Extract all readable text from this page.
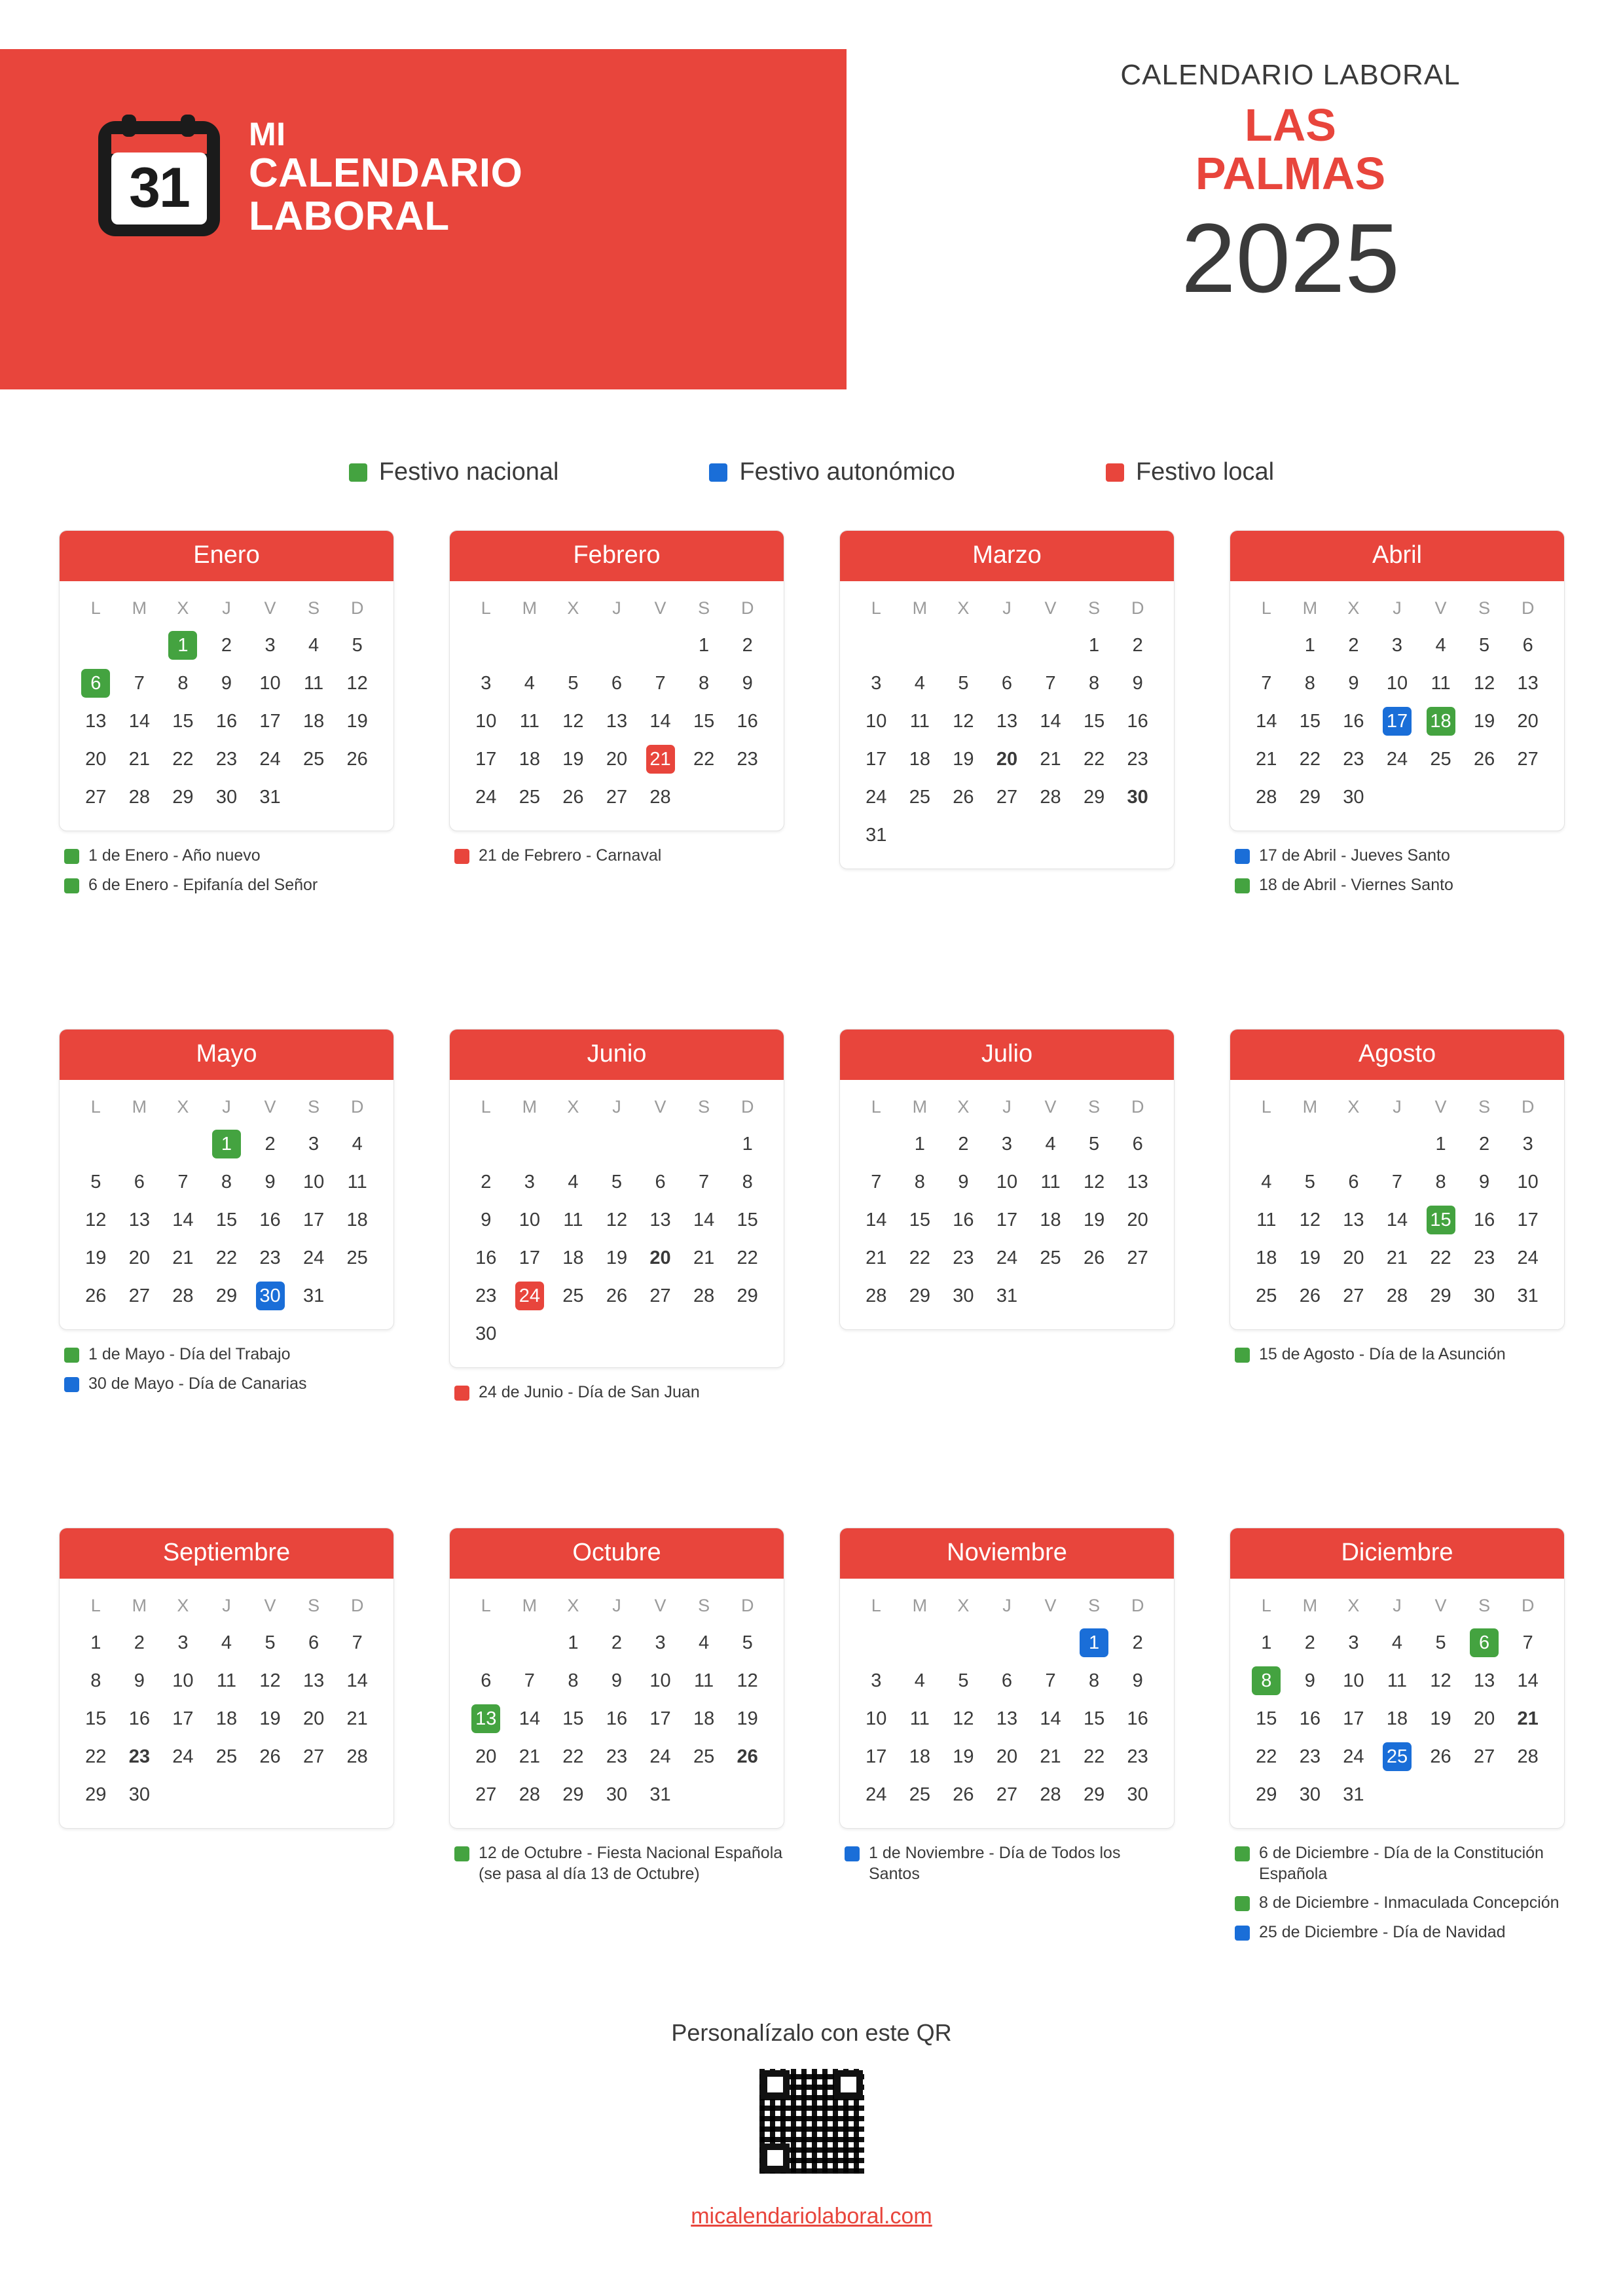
31
MI
CALENDARIO
LABORAL
CALENDARIO LABORAL
LAS
PALMAS
2025
Festivo nacional	Festivo autonómico	Festivo local
Enero
L	M	X	J	V	S	D
		1	2	3	4	5
6	7	8	9	10	11	12
13	14	15	16	17	18	19
20	21	22	23	24	25	26
27	28	29	30	31		
1 de Enero - Año nuevo
6 de Enero - Epifanía del Señor
Febrero
L	M	X	J	V	S	D
					1	2
3	4	5	6	7	8	9
10	11	12	13	14	15	16
17	18	19	20	21	22	23
24	25	26	27	28		
21 de Febrero - Carnaval
Marzo
L	M	X	J	V	S	D
					1	2
3	4	5	6	7	8	9
10	11	12	13	14	15	16
17	18	19	20	21	22	23
24	25	26	27	28	29	30
31						
Abril
L	M	X	J	V	S	D
	1	2	3	4	5	6
7	8	9	10	11	12	13
14	15	16	17	18	19	20
21	22	23	24	25	26	27
28	29	30				
17 de Abril - Jueves Santo
18 de Abril - Viernes Santo
Mayo
L	M	X	J	V	S	D
			1	2	3	4
5	6	7	8	9	10	11
12	13	14	15	16	17	18
19	20	21	22	23	24	25
26	27	28	29	30	31	
1 de Mayo - Día del Trabajo
30 de Mayo - Día de Canarias
Junio
L	M	X	J	V	S	D
						1
2	3	4	5	6	7	8
9	10	11	12	13	14	15
16	17	18	19	20	21	22
23	24	25	26	27	28	29
30						
24 de Junio - Día de San Juan
Julio
L	M	X	J	V	S	D
	1	2	3	4	5	6
7	8	9	10	11	12	13
14	15	16	17	18	19	20
21	22	23	24	25	26	27
28	29	30	31			
Agosto
L	M	X	J	V	S	D
				1	2	3
4	5	6	7	8	9	10
11	12	13	14	15	16	17
18	19	20	21	22	23	24
25	26	27	28	29	30	31
15 de Agosto - Día de la Asunción
Septiembre
L	M	X	J	V	S	D
1	2	3	4	5	6	7
8	9	10	11	12	13	14
15	16	17	18	19	20	21
22	23	24	25	26	27	28
29	30					
Octubre
L	M	X	J	V	S	D
		1	2	3	4	5
6	7	8	9	10	11	12
13	14	15	16	17	18	19
20	21	22	23	24	25	26
27	28	29	30	31		
12 de Octubre - Fiesta Nacional Española (se pasa al día 13 de Octubre)
Noviembre
L	M	X	J	V	S	D
					1	2
3	4	5	6	7	8	9
10	11	12	13	14	15	16
17	18	19	20	21	22	23
24	25	26	27	28	29	30
1 de Noviembre - Día de Todos los Santos
Diciembre
L	M	X	J	V	S	D
1	2	3	4	5	6	7
8	9	10	11	12	13	14
15	16	17	18	19	20	21
22	23	24	25	26	27	28
29	30	31				
6 de Diciembre - Día de la Constitución Española
8 de Diciembre - Inmaculada Concepción
25 de Diciembre - Día de Navidad
Personalízalo con este QR
micalendariolaboral.com
